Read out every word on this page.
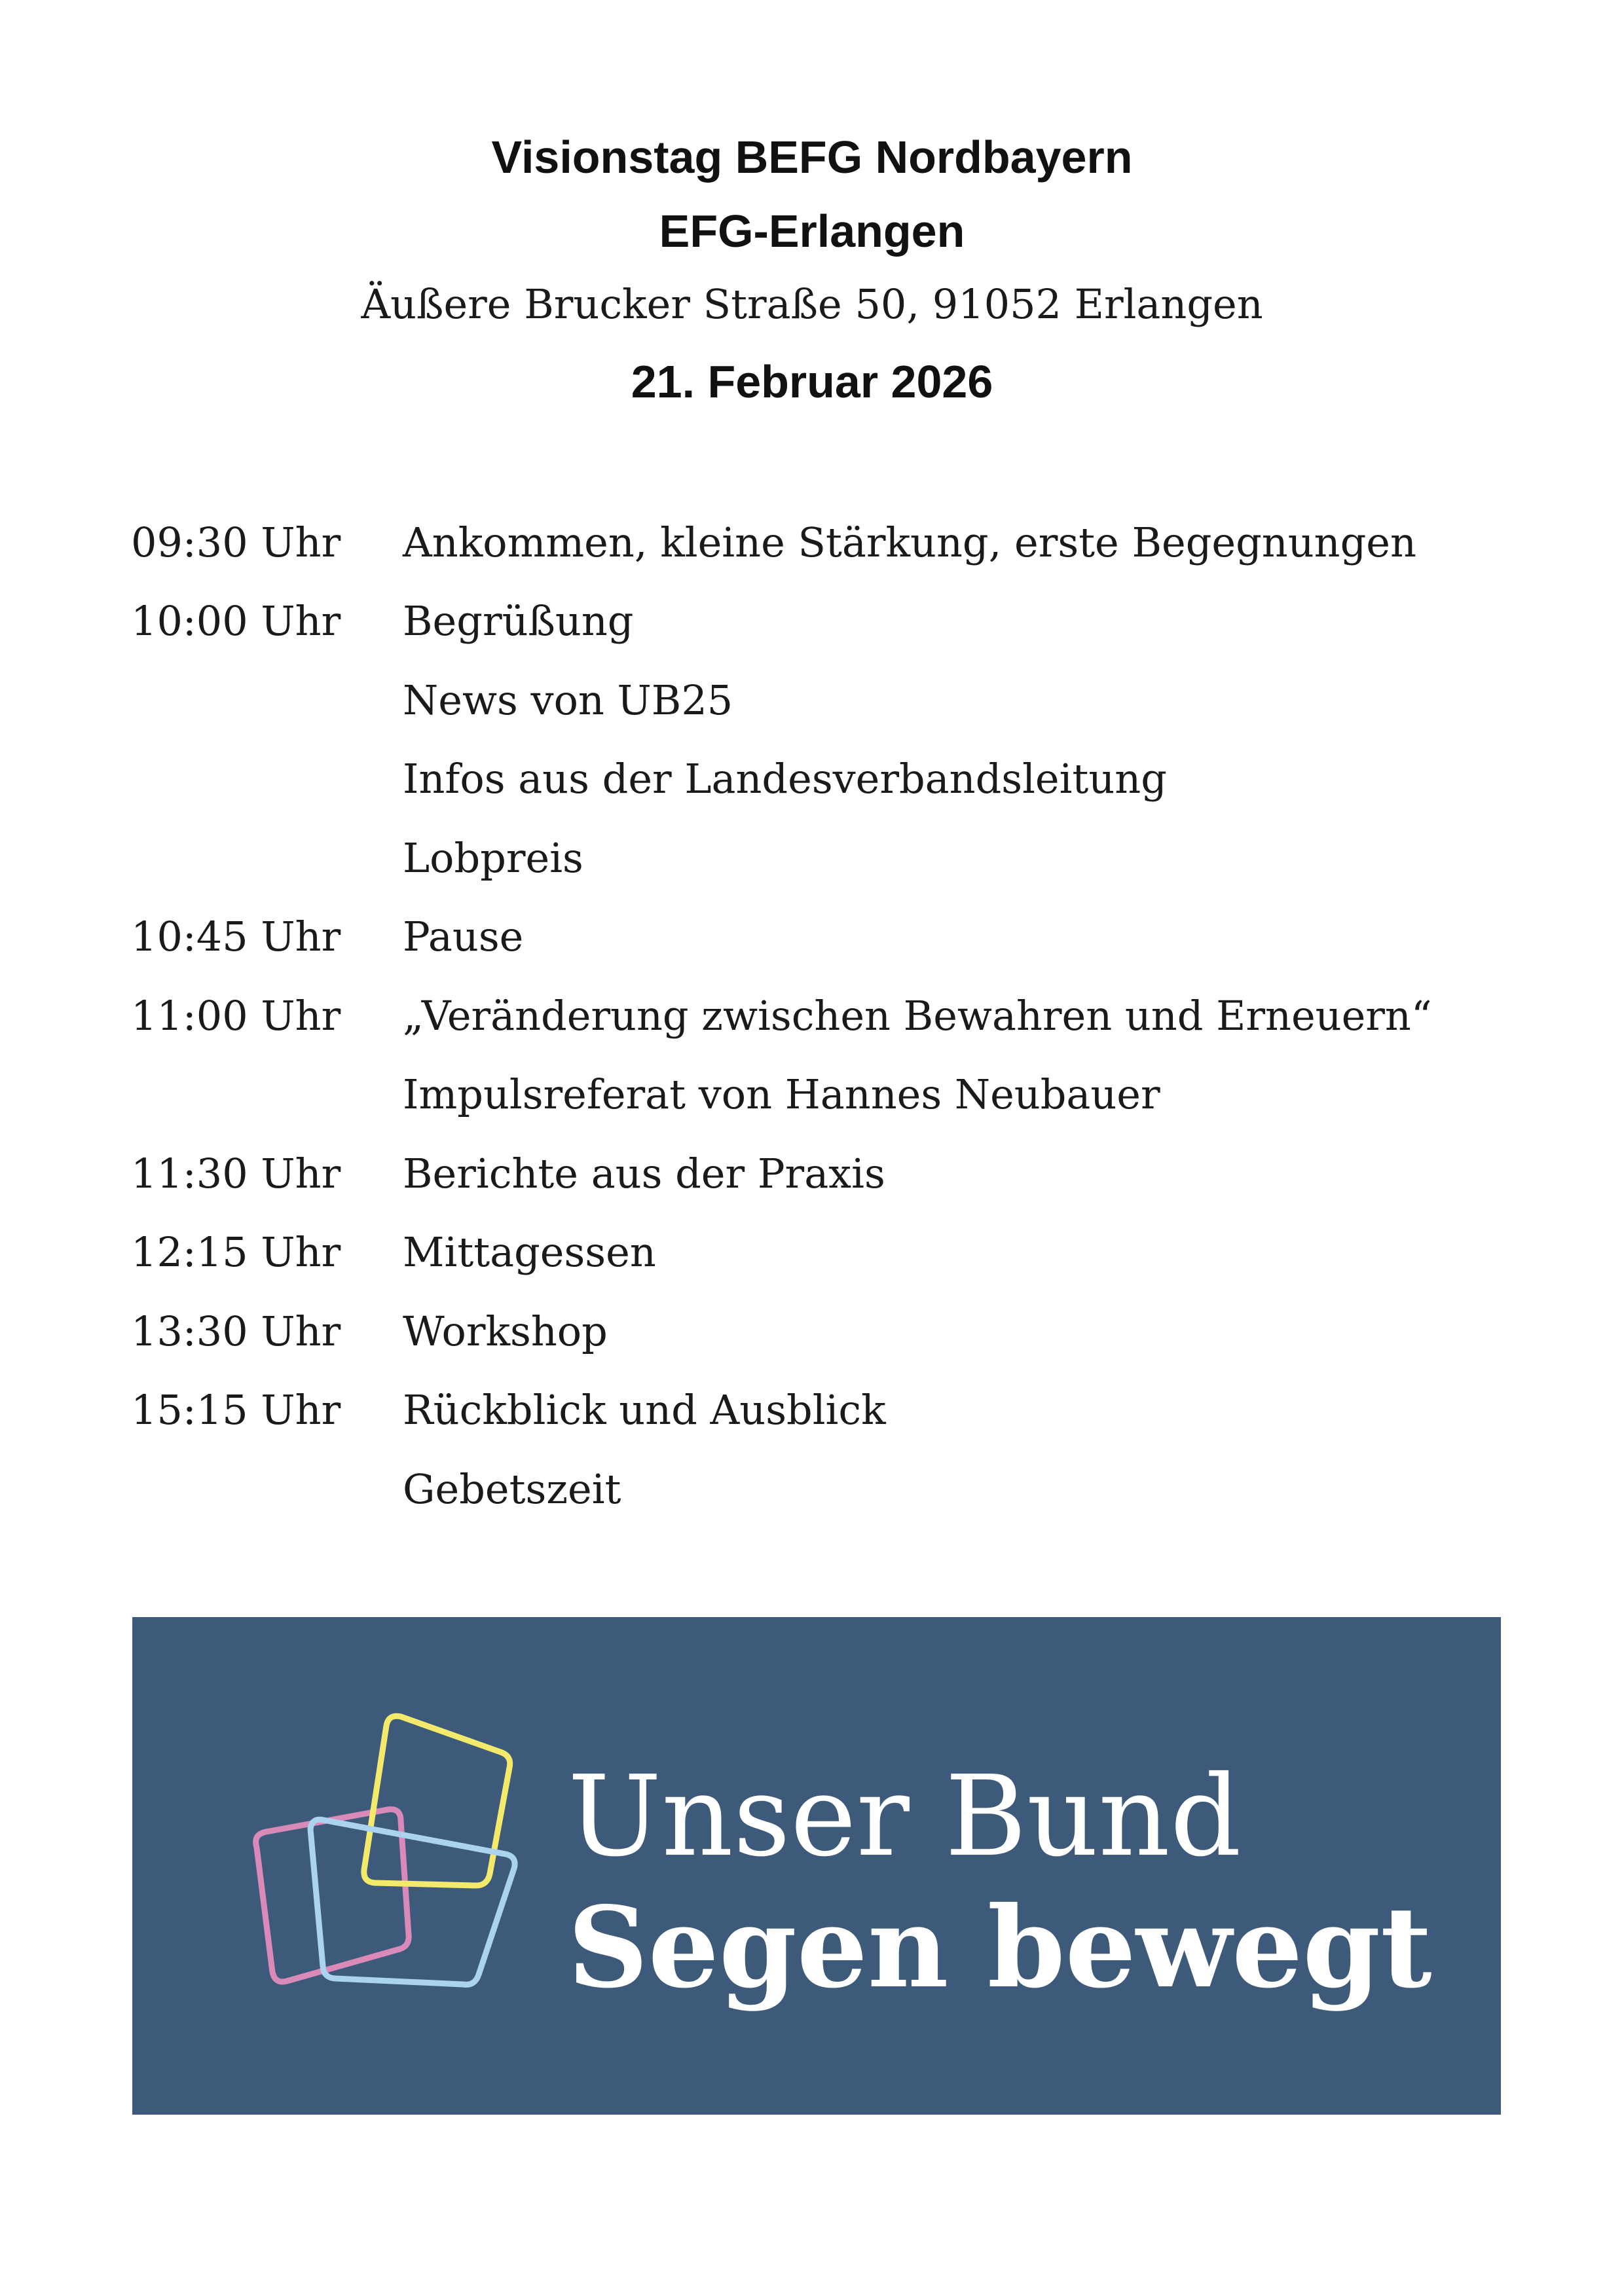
Visionstag BEFG Nordbayern
EFG-Erlangen
Äußere Brucker Straße 50, 91052 Erlangen
21. Februar 2026
09:30 Uhr	Ankommen, kleine Stärkung, erste Begegnungen
10:00 Uhr	Begrüßung
News von UB25
Infos aus der Landesverbandsleitung
Lobpreis
10:45 Uhr	Pause
11:00 Uhr	„Veränderung zwischen Bewahren und Erneuern“
Impulsreferat von Hannes Neubauer
11:30 Uhr	Berichte aus der Praxis
12:15 Uhr	Mittagessen
13:30 Uhr	Workshop
15:15 Uhr	Rückblick und Ausblick
Gebetszeit
Unser Bund
Segen bewegt
